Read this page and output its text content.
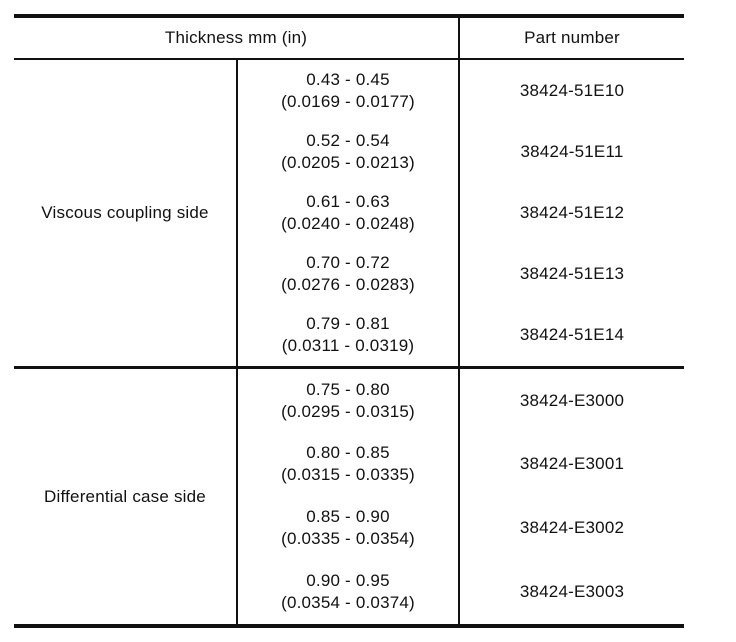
Thickness mm (in)	Part number
Viscous coupling side
0.43 - 0.45
(0.0169 - 0.0177)
38424-51E10
0.52 - 0.54
(0.0205 - 0.0213)
38424-51E11
0.61 - 0.63
(0.0240 - 0.0248)
38424-51E12
0.70 - 0.72
(0.0276 - 0.0283)
38424-51E13
0.79 - 0.81
(0.0311 - 0.0319)
38424-51E14
Differential case side
0.75 - 0.80
(0.0295 - 0.0315)
38424-E3000
0.80 - 0.85
(0.0315 - 0.0335)
38424-E3001
0.85 - 0.90
(0.0335 - 0.0354)
38424-E3002
0.90 - 0.95
(0.0354 - 0.0374)
38424-E3003
